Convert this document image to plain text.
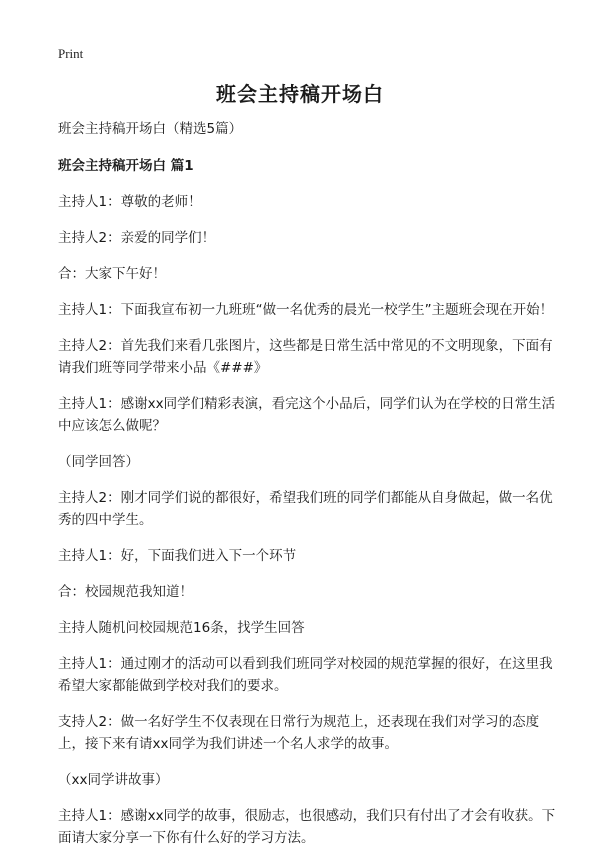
Print
班会主持稿开场白

班会主持稿开场白（精选5篇）

班会主持稿开场白 篇1

主持人1：尊敬的老师！

主持人2：亲爱的同学们！

合：大家下午好！

主持人1：下面我宣布初一九班班“做一名优秀的晨光一校学生”主题班会现在开始！

主持人2：首先我们来看几张图片，这些都是日常生活中常见的不文明现象，下面有请我们班等同学带来小品《###》

主持人1：感谢xx同学们精彩表演，看完这个小品后，同学们认为在学校的日常生活中应该怎么做呢？

（同学回答）

主持人2：刚才同学们说的都很好，希望我们班的同学们都能从自身做起，做一名优秀的四中学生。

主持人1：好，下面我们进入下一个环节

合：校园规范我知道！

主持人随机问校园规范16条，找学生回答

主持人1：通过刚才的活动可以看到我们班同学对校园的规范掌握的很好，在这里我希望大家都能做到学校对我们的要求。

支持人2：做一名好学生不仅表现在日常行为规范上，还表现在我们对学习的态度上，接下来有请xx同学为我们讲述一个名人求学的故事。

（xx同学讲故事）

主持人1：感谢xx同学的故事，很励志，也很感动，我们只有付出了才会有收获。下面请大家分享一下你有什么好的学习方法。
